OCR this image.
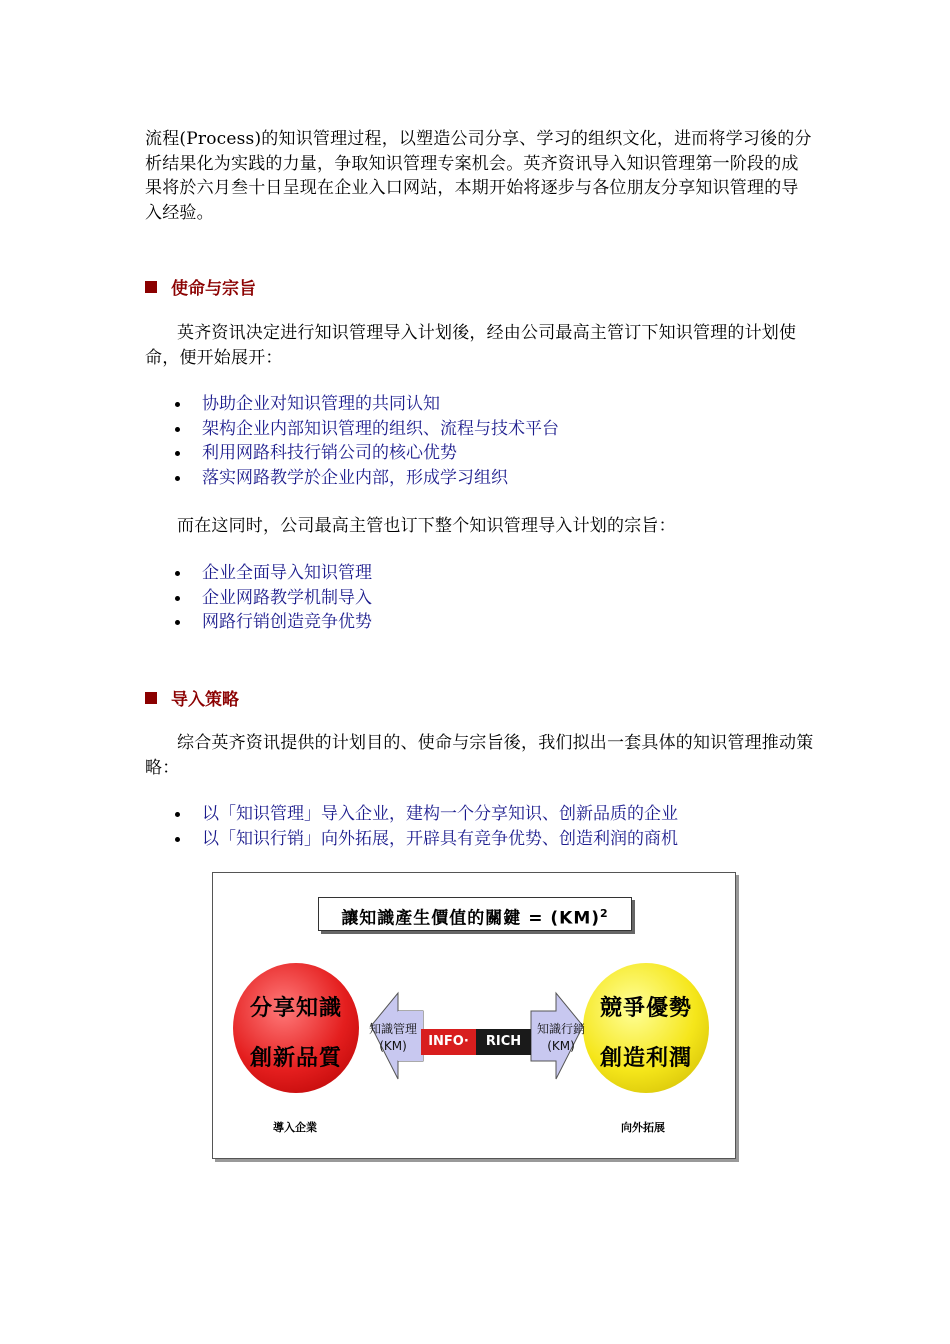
流程(Process)的知识管理过程，以塑造公司分享、学习的组织文化，进而将学习後的分析结果化为实践的力量，争取知识管理专案机会。英齐资讯导入知识管理第一阶段的成果将於六月叁十日呈现在企业入口网站，本期开始将逐步与各位朋友分享知识管理的导入经验。

使命与宗旨

英齐资讯决定进行知识管理导入计划後，经由公司最高主管订下知识管理的计划使命，便开始展开：

协助企业对知识管理的共同认知
架构企业内部知识管理的组织、流程与技术平台
利用网路科技行销公司的核心优势
落实网路教学於企业内部，形成学习组织

而在这同时，公司最高主管也订下整个知识管理导入计划的宗旨：

企业全面导入知识管理
企业网路教学机制导入
网路行销创造竞争优势
导入策略

综合英齐资讯提供的计划目的、使命与宗旨後，我们拟出一套具体的知识管理推动策略：

以「知识管理」导入企业，建构一个分享知识、创新品质的企业
以「知识行销」向外拓展，开辟具有竞争优势、创造利润的商机
讓知識產生價值的關鍵 = (KM)$^2$
分享知識
創新品質
競爭優勢
創造利潤
知識管理
(KM)
知識行銷
(KM)
INFO·	RICH
導入企業	向外拓展
